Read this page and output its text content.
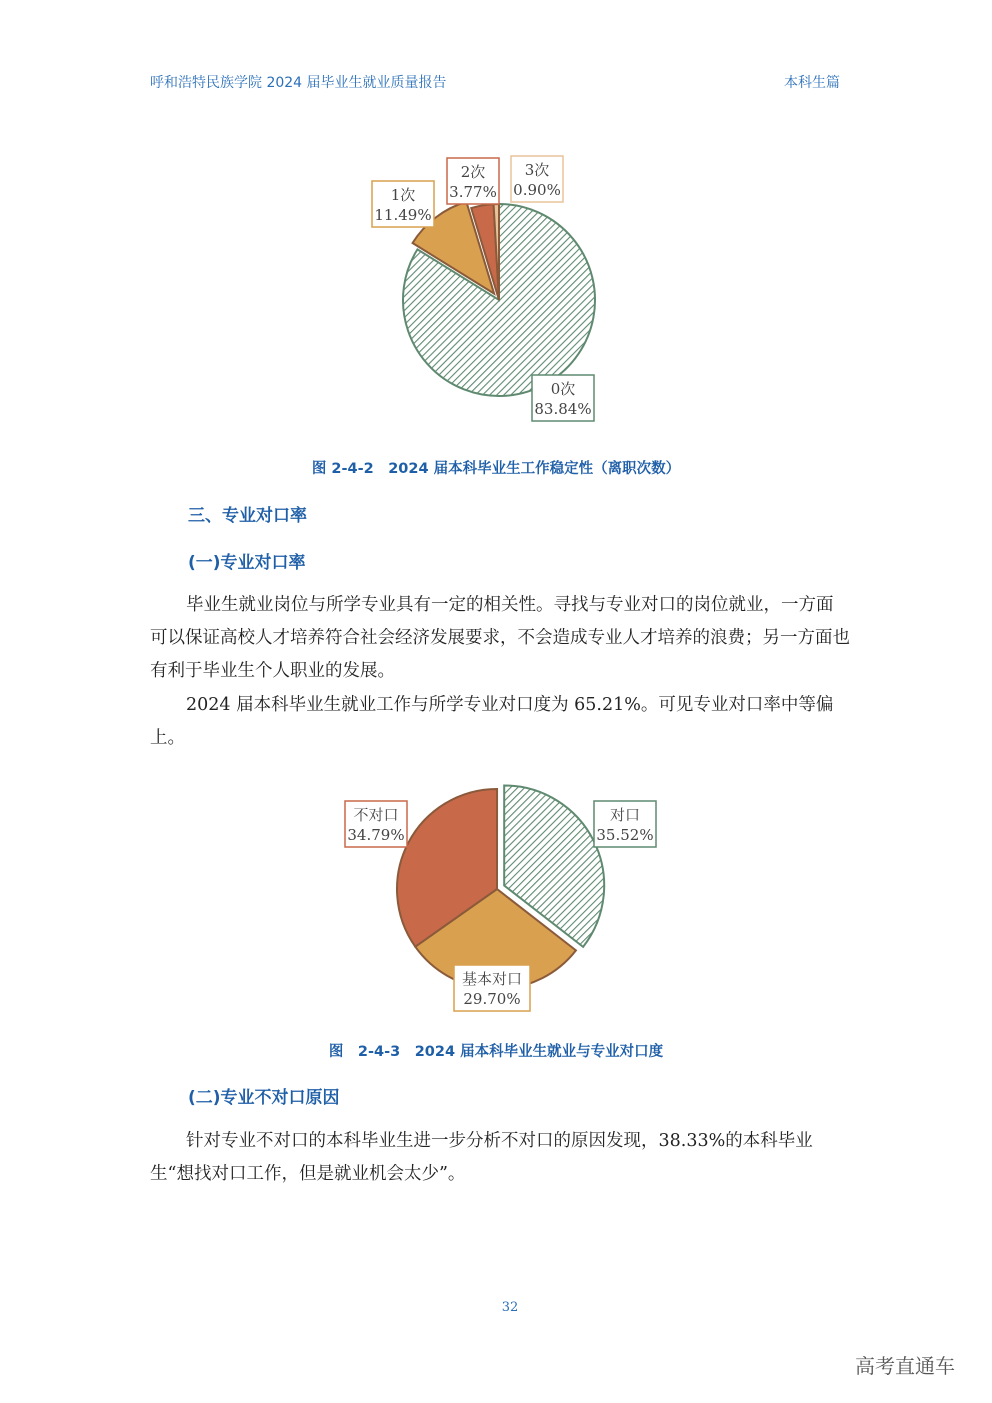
呼和浩特民族学院 2024 届毕业生就业质量报告	本科生篇
3次
0.90%
2次
3.77%
1次
11.49%
0次
83.84%
图 2-4-2　2024 届本科毕业生工作稳定性（离职次数）
三、专业对口率
(一)专业对口率

毕业生就业岗位与所学专业具有一定的相关性。寻找与专业对口的岗位就业，一方面可以保证高校人才培养符合社会经济发展要求，不会造成专业人才培养的浪费；另一方面也有利于毕业生个人职业的发展。

2024 届本科毕业生就业工作与所学专业对口度为 65.21%。可见专业对口率中等偏上。

对口
35.52%
不对口
34.79%
基本对口
29.70%
图　2-4-3　2024 届本科毕业生就业与专业对口度
(二)专业不对口原因

针对专业不对口的本科毕业生进一步分析不对口的原因发现，38.33%的本科毕业生“想找对口工作，但是就业机会太少”。

32
高考直通车
